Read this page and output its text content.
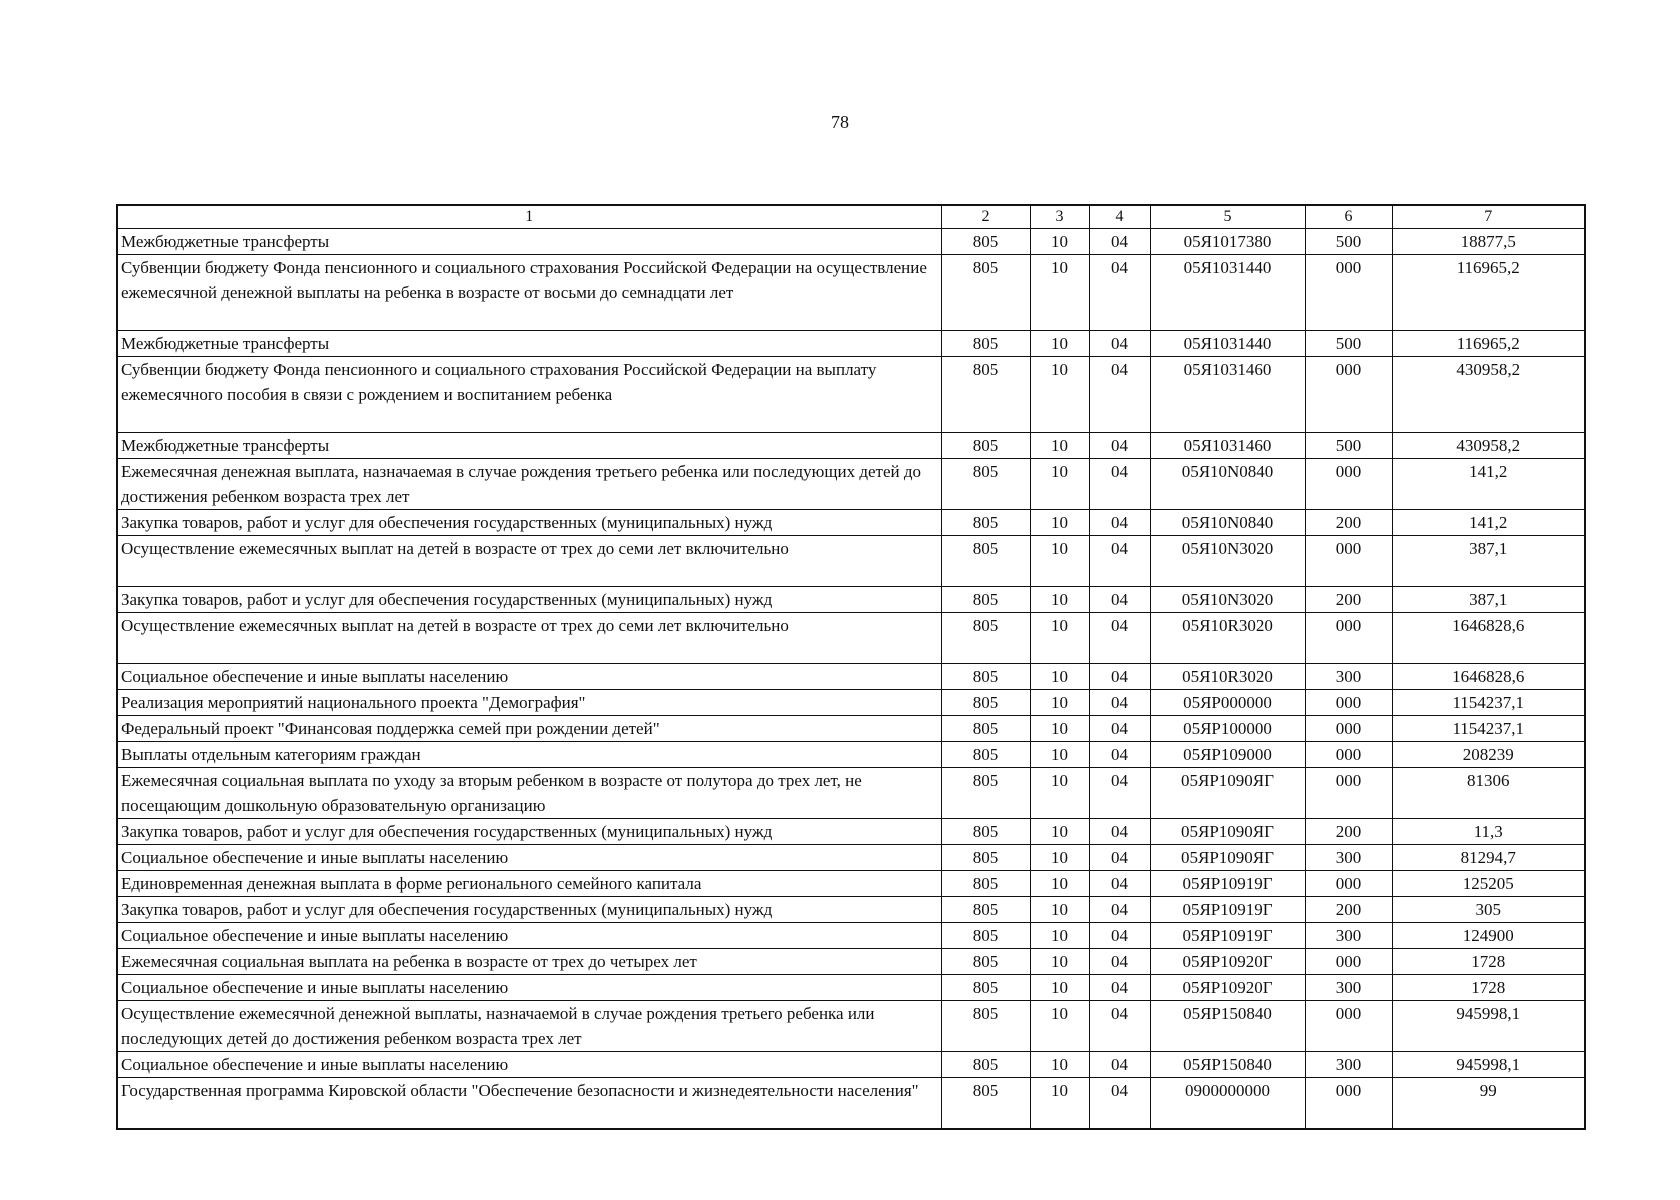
78
1	2	3	4	5	6	7
Межбюджетные трансферты	805	10	04	05Я1017380	500	18877,5
Субвенции бюджету Фонда пенсионного и социального страхования Российской Федерации на осуществление ежемесячной денежной выплаты на ребенка в возрасте от восьми до семнадцати лет	805	10	04	05Я1031440	000	116965,2
Межбюджетные трансферты	805	10	04	05Я1031440	500	116965,2
Субвенции бюджету Фонда пенсионного и социального страхования Российской Федерации на выплату ежемесячного пособия в связи с рождением и воспитанием ребенка	805	10	04	05Я1031460	000	430958,2
Межбюджетные трансферты	805	10	04	05Я1031460	500	430958,2
Ежемесячная денежная выплата, назначаемая в случае рождения третьего ребенка или последующих детей до достижения ребенком возраста трех лет	805	10	04	05Я10N0840	000	141,2
Закупка товаров, работ и услуг для обеспечения государственных (муниципальных) нужд	805	10	04	05Я10N0840	200	141,2
Осуществление ежемесячных выплат на детей в возрасте от трех до семи лет включительно	805	10	04	05Я10N3020	000	387,1
Закупка товаров, работ и услуг для обеспечения государственных (муниципальных) нужд	805	10	04	05Я10N3020	200	387,1
Осуществление ежемесячных выплат на детей в возрасте от трех до семи лет включительно	805	10	04	05Я10R3020	000	1646828,6
Социальное обеспечение и иные выплаты населению	805	10	04	05Я10R3020	300	1646828,6
Реализация мероприятий национального проекта "Демография"	805	10	04	05ЯР000000	000	1154237,1
Федеральный проект "Финансовая поддержка семей при рождении детей"	805	10	04	05ЯР100000	000	1154237,1
Выплаты отдельным категориям граждан	805	10	04	05ЯР109000	000	208239
Ежемесячная социальная выплата по уходу за вторым ребенком в возрасте от полутора до трех лет, не посещающим дошкольную образовательную организацию	805	10	04	05ЯР1090ЯГ	000	81306
Закупка товаров, работ и услуг для обеспечения государственных (муниципальных) нужд	805	10	04	05ЯР1090ЯГ	200	11,3
Социальное обеспечение и иные выплаты населению	805	10	04	05ЯР1090ЯГ	300	81294,7
Единовременная денежная выплата в форме регионального семейного капитала	805	10	04	05ЯР10919Г	000	125205
Закупка товаров, работ и услуг для обеспечения государственных (муниципальных) нужд	805	10	04	05ЯР10919Г	200	305
Социальное обеспечение и иные выплаты населению	805	10	04	05ЯР10919Г	300	124900
Ежемесячная социальная выплата на ребенка в возрасте от трех до четырех лет	805	10	04	05ЯР10920Г	000	1728
Социальное обеспечение и иные выплаты населению	805	10	04	05ЯР10920Г	300	1728
Осуществление ежемесячной денежной выплаты, назначаемой в случае рождения третьего ребенка или последующих детей до достижения ребенком возраста трех лет	805	10	04	05ЯР150840	000	945998,1
Социальное обеспечение и иные выплаты населению	805	10	04	05ЯР150840	300	945998,1
Государственная программа Кировской области "Обеспечение безопасности и жизнедеятельности населения"	805	10	04	0900000000	000	99
